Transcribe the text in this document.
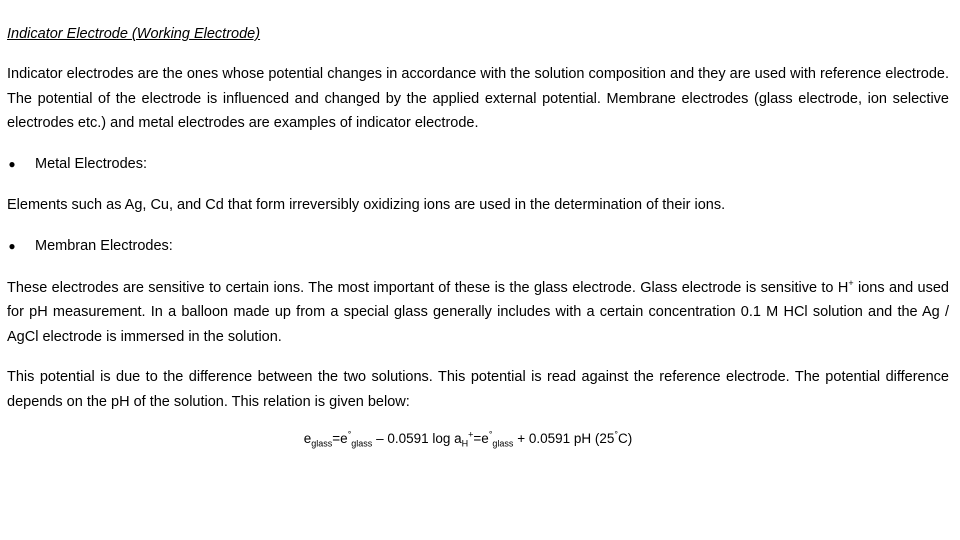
Indicator Electrode (Working Electrode)
Indicator electrodes are the ones whose potential changes in accordance with the solution composition and they are used with reference electrode. The potential of the electrode is influenced and changed by the applied external potential. Membrane electrodes (glass electrode, ion selective electrodes etc.) and metal electrodes are examples of indicator electrode.
● Metal Electrodes:
Elements such as Ag, Cu, and Cd that form irreversibly oxidizing ions are used in the determination of their ions.
● Membran Electrodes:
These electrodes are sensitive to certain ions. The most important of these is the glass electrode. Glass electrode is sensitive to H+ ions and used for pH measurement. In a balloon made up from a special glass generally includes with a certain concentration 0.1 M HCl solution and the Ag / AgCl electrode is immersed in the solution.
This potential is due to the difference between the two solutions. This potential is read against the reference electrode. The potential difference depends on the pH of the solution. This relation is given below:
$e_{glass}=e^\circ_{glass} - 0.0591$ $\log a_H^+=e^\circ_{glass} + 0.0591$ pH (25°C)
